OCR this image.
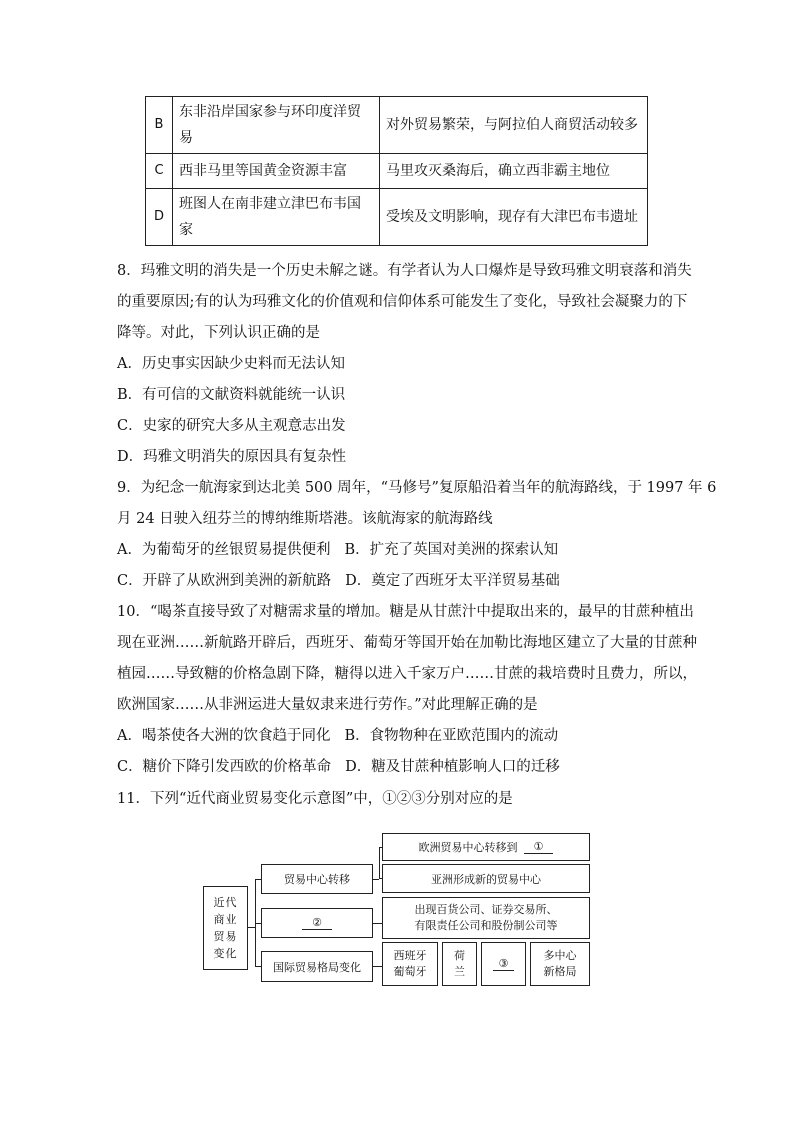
B	东非沿岸国家参与环印度洋贸易	对外贸易繁荣，与阿拉伯人商贸活动较多
C	西非马里等国黄金资源丰富	马里攻灭桑海后，确立西非霸主地位
D	班图人在南非建立津巴布韦国家	受埃及文明影响，现存有大津巴布韦遗址
8．玛雅文明的消失是一个历史未解之谜。有学者认为人口爆炸是导致玛雅文明衰落和消失
的重要原因;有的认为玛雅文化的价值观和信仰体系可能发生了变化，导致社会凝聚力的下
降等。对此，下列认识正确的是
A．历史事实因缺少史料而无法认知
B．有可信的文献资料就能统一认识
C．史家的研究大多从主观意志出发
D．玛雅文明消失的原因具有复杂性
9．为纪念一航海家到达北美 500 周年，“马修号”复原船沿着当年的航海路线，于 1997 年 6
月 24 日驶入纽芬兰的博纳维斯塔港。该航海家的航海路线
A．为葡萄牙的丝银贸易提供便利 B．扩充了英国对美洲的探索认知
C．开辟了从欧洲到美洲的新航路 D．奠定了西班牙太平洋贸易基础
10．“喝茶直接导致了对糖需求量的增加。糖是从甘蔗汁中提取出来的，最早的甘蔗种植出
现在亚洲……新航路开辟后，西班牙、葡萄牙等国开始在加勒比海地区建立了大量的甘蔗种
植园……导致糖的价格急剧下降，糖得以进入千家万户……甘蔗的栽培费时且费力，所以，
欧洲国家……从非洲运进大量奴隶来进行劳作。”对此理解正确的是
A．喝茶使各大洲的饮食趋于同化 B．食物物种在亚欧范围内的流动
C．糖价下降引发西欧的价格革命 D．糖及甘蔗种植影响人口的迁移
11．下列“近代商业贸易变化示意图”中，①②③分别对应的是
近代商业贸易变化
贸易中心转移
②
国际贸易格局变化
欧洲贸易中心转移到	①
亚洲形成新的贸易中心
出现百货公司、证券交易所、
有限责任公司和股份制公司等
西班牙
葡萄牙
荷
兰
③
多中心
新格局
